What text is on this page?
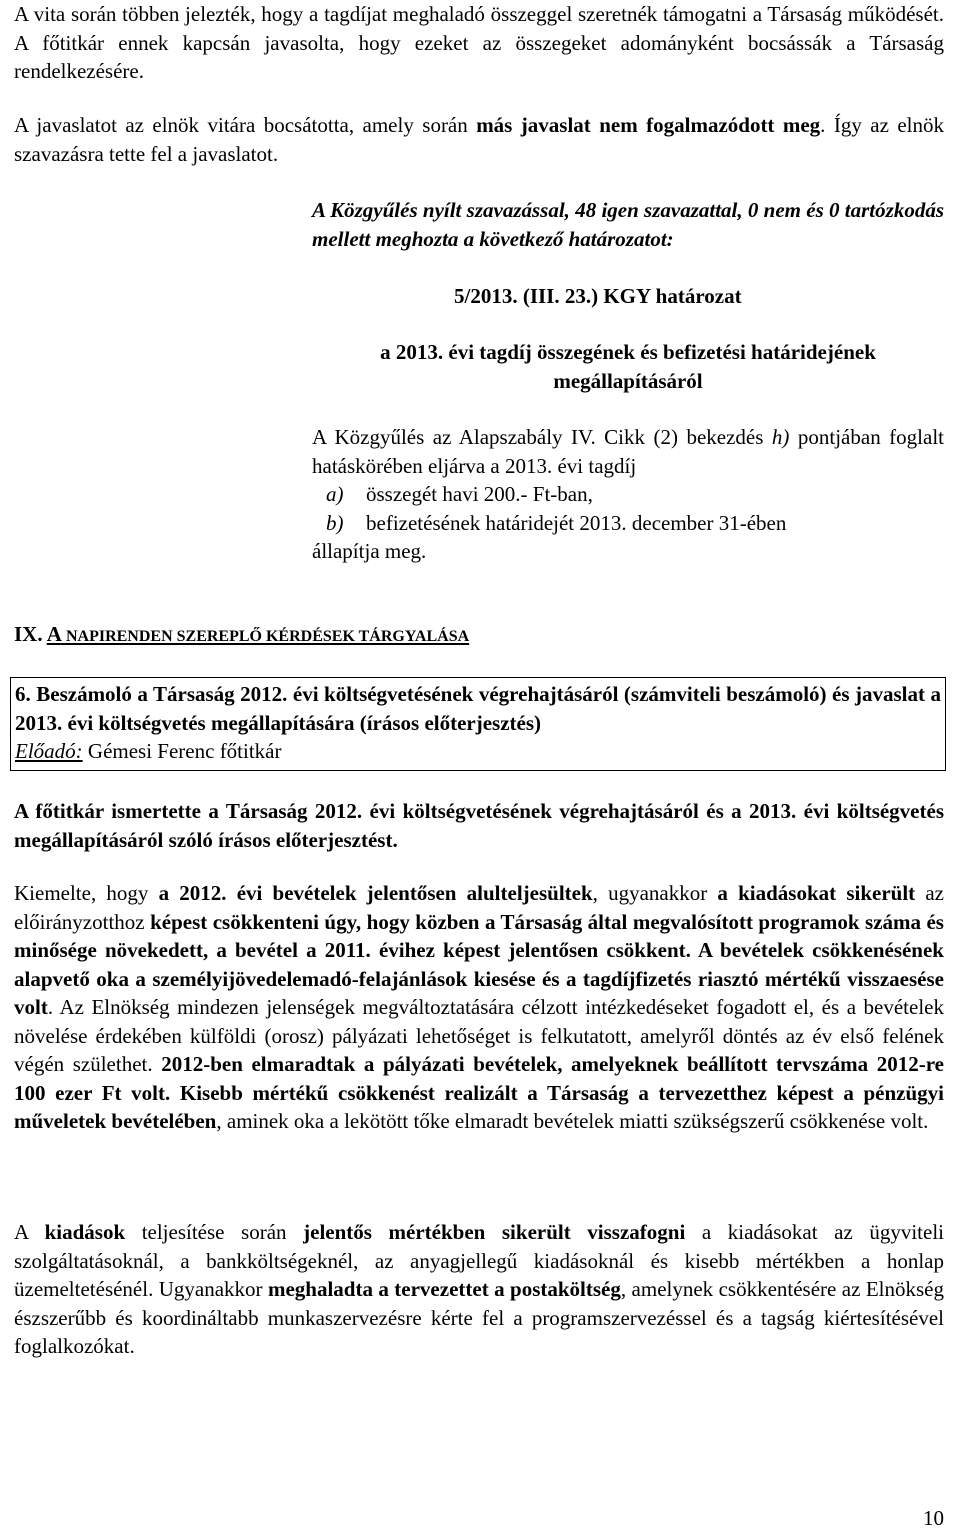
A vita során többen jelezték, hogy a tagdíjat meghaladó összeggel szeretnék támogatni a Társaság működését. A főtitkár ennek kapcsán javasolta, hogy ezeket az összegeket adományként bocsássák a Társaság rendelkezésére.

A javaslatot az elnök vitára bocsátotta, amely során más javaslat nem fogalmazódott meg. Így az elnök szavazásra tette fel a javaslatot.

A Közgyűlés nyílt szavazással, 48 igen szavazattal, 0 nem és 0 tartózkodás mellett meghozta a következő határozatot:

5/2013. (III. 23.) KGY határozat

a 2013. évi tagdíj összegének és befizetési határidejének megállapításáról

A Közgyűlés az Alapszabály IV. Cikk (2) bekezdés h) pontjában foglalt hatáskörében eljárva a 2013. évi tagdíj

a) összegét havi 200.- Ft-ban,

b) befizetésének határidejét 2013. december 31-ében

állapítja meg.

IX. A NAPIRENDEN SZEREPLŐ KÉRDÉSEK TÁRGYALÁSA

6. Beszámoló a Társaság 2012. évi költségvetésének végrehajtásáról (számviteli beszámoló) és javaslat a 2013. évi költségvetés megállapítására (írásos előterjesztés)

Előadó: Gémesi Ferenc főtitkár

A főtitkár ismertette a Társaság 2012. évi költségvetésének végrehajtásáról és a 2013. évi költségvetés megállapításáról szóló írásos előterjesztést.

Kiemelte, hogy a 2012. évi bevételek jelentősen alulteljesültek, ugyanakkor a kiadásokat sikerült az előirányzotthoz képest csökkenteni úgy, hogy közben a Társaság által megvalósított programok száma és minősége növekedett, a bevétel a 2011. évihez képest jelentősen csökkent. A bevételek csökkenésének alapvető oka a személyijövedelemadó-felajánlások kiesése és a tagdíjfizetés riasztó mértékű visszaesése volt. Az Elnökség mindezen jelenségek megváltoztatására célzott intézkedéseket fogadott el, és a bevételek növelése érdekében külföldi (orosz) pályázati lehetőséget is felkutatott, amelyről döntés az év első felének végén születhet. 2012-ben elmaradtak a pályázati bevételek, amelyeknek beállított tervszáma 2012-re 100 ezer Ft volt. Kisebb mértékű csökkenést realizált a Társaság a tervezetthez képest a pénzügyi műveletek bevételében, aminek oka a lekötött tőke elmaradt bevételek miatti szükségszerű csökkenése volt.

A kiadások teljesítése során jelentős mértékben sikerült visszafogni a kiadásokat az ügyviteli szolgáltatásoknál, a bankköltségeknél, az anyagjellegű kiadásoknál és kisebb mértékben a honlap üzemeltetésénél. Ugyanakkor meghaladta a tervezettet a postaköltség, amelynek csökkentésére az Elnökség észszerűbb és koordináltabb munkaszervezésre kérte fel a programszervezéssel és a tagság kiértesítésével foglalkozókat.

10
